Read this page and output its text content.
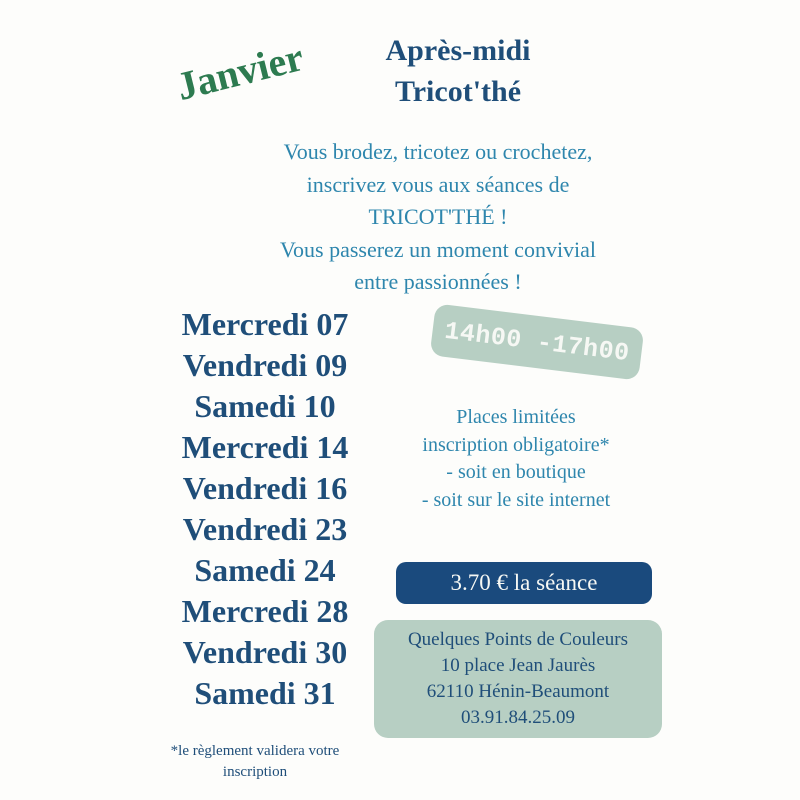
Janvier	Après-midi
Tricot'thé
Vous brodez, tricotez ou crochetez,
inscrivez vous aux séances de
TRICOT'THÉ !
Vous passerez un moment convivial
entre passionnées !
Mercredi 07
Vendredi 09
Samedi 10
Mercredi 14
Vendredi 16
Vendredi 23
Samedi 24
Mercredi 28
Vendredi 30
Samedi 31
14h00 -17h00
Places limitées
inscription obligatoire*
- soit en boutique
- soit sur le site internet
3.70 € la séance
Quelques Points de Couleurs
10 place Jean Jaurès
62110 Hénin-Beaumont
03.91.84.25.09
*le règlement validera votre
inscription
